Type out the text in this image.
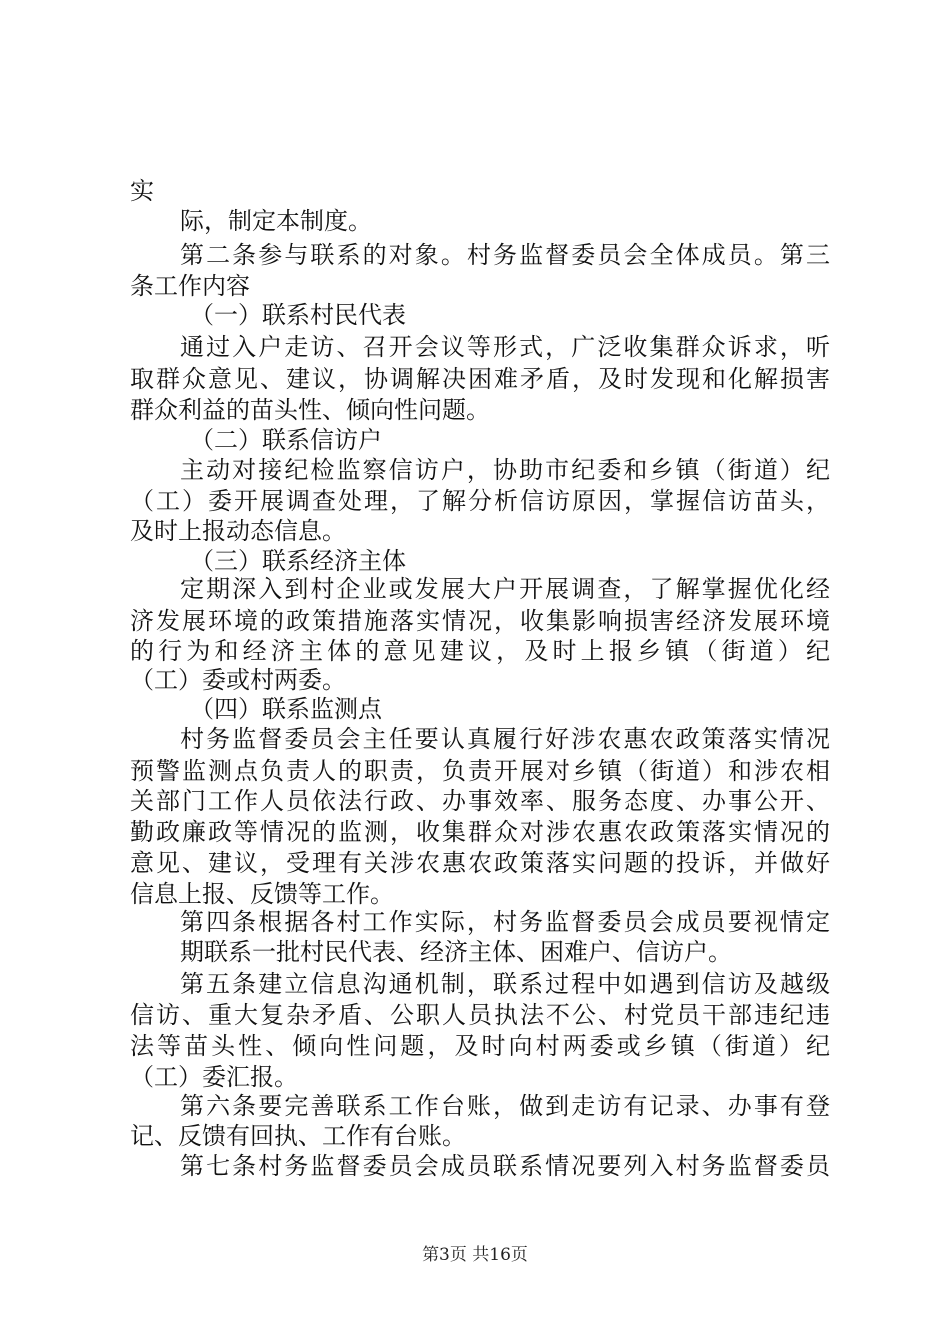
实
际，制定本制度。
第二条参与联系的对象。村务监督委员会全体成员。第三
条工作内容
（一）联系村民代表
通过入户走访、召开会议等形式，广泛收集群众诉求，听
取群众意见、建议，协调解决困难矛盾，及时发现和化解损害
群众利益的苗头性、倾向性问题。
（二）联系信访户
主动对接纪检监察信访户，协助市纪委和乡镇（街道）纪
（工）委开展调查处理，了解分析信访原因，掌握信访苗头，
及时上报动态信息。
（三）联系经济主体
定期深入到村企业或发展大户开展调查，了解掌握优化经
济发展环境的政策措施落实情况，收集影响损害经济发展环境
的行为和经济主体的意见建议，及时上报乡镇（街道）纪
（工）委或村两委。
（四）联系监测点
村务监督委员会主任要认真履行好涉农惠农政策落实情况
预警监测点负责人的职责，负责开展对乡镇（街道）和涉农相
关部门工作人员依法行政、办事效率、服务态度、办事公开、
勤政廉政等情况的监测，收集群众对涉农惠农政策落实情况的
意见、建议，受理有关涉农惠农政策落实问题的投诉，并做好
信息上报、反馈等工作。
第四条根据各村工作实际，村务监督委员会成员要视情定
期联系一批村民代表、经济主体、困难户、信访户。
第五条建立信息沟通机制，联系过程中如遇到信访及越级
信访、重大复杂矛盾、公职人员执法不公、村党员干部违纪违
法等苗头性、倾向性问题，及时向村两委或乡镇（街道）纪
（工）委汇报。
第六条要完善联系工作台账，做到走访有记录、办事有登
记、反馈有回执、工作有台账。
第七条村务监督委员会成员联系情况要列入村务监督委员
第3页 共16页
